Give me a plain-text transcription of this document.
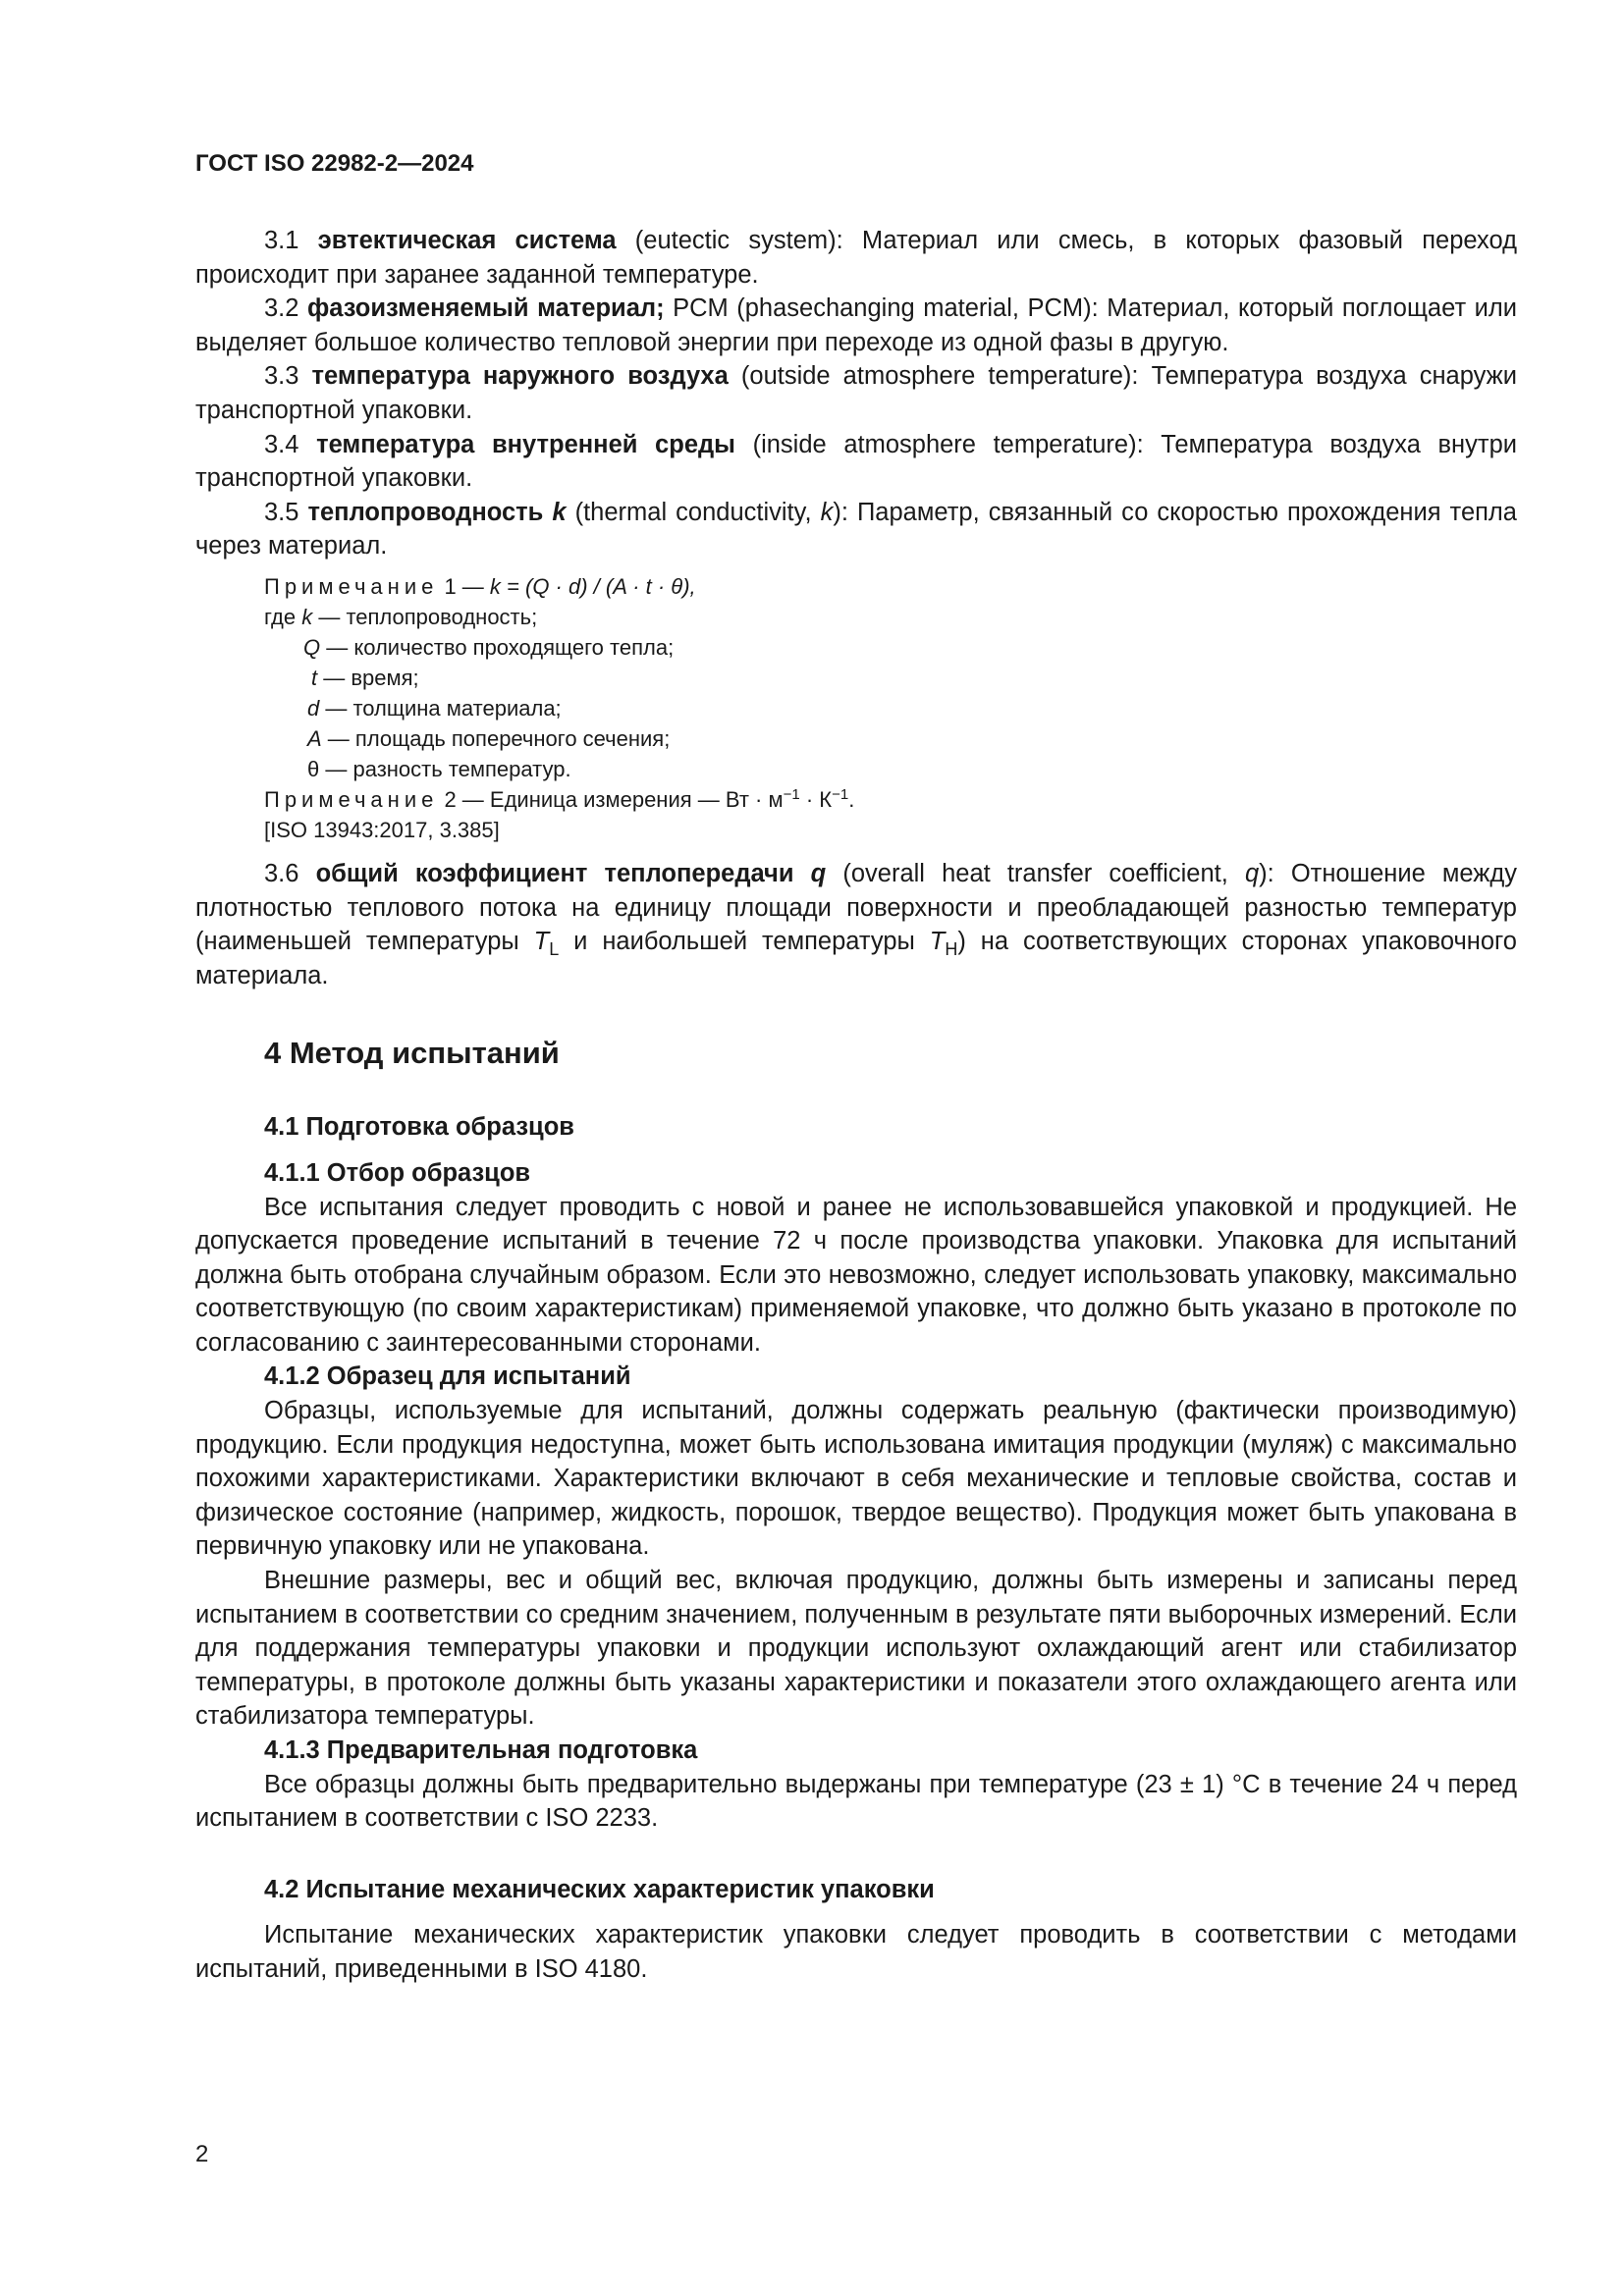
ГОСТ ISO 22982-2—2024

3.1 эвтектическая система (eutectic system): Материал или смесь, в которых фазовый переход происходит при заранее заданной температуре.

3.2 фазоизменяемый материал; PCM (phasechanging material, PCM): Материал, который поглощает или выделяет большое количество тепловой энергии при переходе из одной фазы в другую.

3.3 температура наружного воздуха (outside atmosphere temperature): Температура воздуха снаружи транспортной упаковки.

3.4 температура внутренней среды (inside atmosphere temperature): Температура воздуха внутри транспортной упаковки.

3.5 теплопроводность k (thermal conductivity, k): Параметр, связанный со скоростью прохождения тепла через материал.

Примечание 1 — k = (Q · d) / (A · t · θ),
где k — теплопроводность;
Q — количество проходящего тепла;
t — время;
d — толщина материала;
A — площадь поперечного сечения;
θ — разность температур.
Примечание 2 — Единица измерения — Вт · $м^{-1} \cdot К^{-1}$.
[ISO 13943:2017, 3.385]

3.6 общий коэффициент теплопередачи q (overall heat transfer coefficient, q): Отношение между плотностью теплового потока на единицу площади поверхности и преобладающей разностью температур (наименьшей температуры $T_L$ и наибольшей температуры $T_H$) на соответствующих сторонах упаковочного материала.

4 Метод испытаний
4.1 Подготовка образцов
4.1.1 Отбор образцов

Все испытания следует проводить с новой и ранее не использовавшейся упаковкой и продукцией. Не допускается проведение испытаний в течение 72 ч после производства упаковки. Упаковка для испытаний должна быть отобрана случайным образом. Если это невозможно, следует использовать упаковку, максимально соответствующую (по своим характеристикам) применяемой упаковке, что должно быть указано в протоколе по согласованию с заинтересованными сторонами.

4.1.2 Образец для испытаний

Образцы, используемые для испытаний, должны содержать реальную (фактически производимую) продукцию. Если продукция недоступна, может быть использована имитация продукции (муляж) с максимально похожими характеристиками. Характеристики включают в себя механические и тепловые свойства, состав и физическое состояние (например, жидкость, порошок, твердое вещество). Продукция может быть упакована в первичную упаковку или не упакована.

Внешние размеры, вес и общий вес, включая продукцию, должны быть измерены и записаны перед испытанием в соответствии со средним значением, полученным в результате пяти выборочных измерений. Если для поддержания температуры упаковки и продукции используют охлаждающий агент или стабилизатор температуры, в протоколе должны быть указаны характеристики и показатели этого охлаждающего агента или стабилизатора температуры.

4.1.3 Предварительная подготовка

Все образцы должны быть предварительно выдержаны при температуре (23 ± 1) °C в течение 24 ч перед испытанием в соответствии с ISO 2233.

4.2 Испытание механических характеристик упаковки

Испытание механических характеристик упаковки следует проводить в соответствии с методами испытаний, приведенными в ISO 4180.

2
